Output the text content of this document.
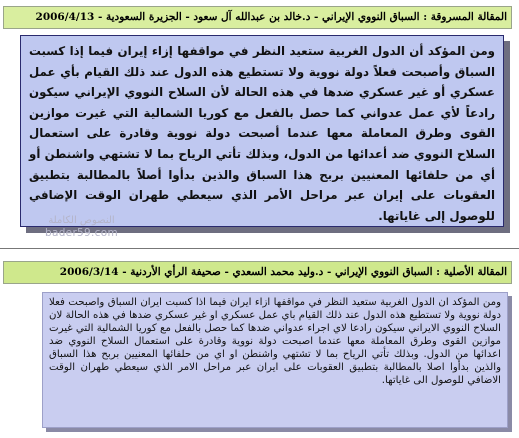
المقالة المسروقة : السباق النووي الإيراني - د.خالد بن عبدالله آل سعود - الجزيرة السعودية - 2006/4/13
ومن المؤكد أن الدول الغربية ستعيد النظر في مواقفها إزاء إيران فيما إذا كسبت السباق وأصبحت فعلاً دولة نووية ولا تستطيع هذه الدول عند ذلك القيام بأي عمل عسكري أو غير عسكري ضدها في هذه الحالة لأن السلاح النووي الإيراني سيكون رادعاً لأي عمل عدواني كما حصل بالفعل مع كوريا الشمالية التي غيرت موازين القوى وطرق المعاملة معها عندما أصبحت دولة نووية وقادرة على استعمال السلاح النووي ضد أعدائها من الدول، وبذلك تأتي الرياح بما لا تشتهي واشنطن أو أي من حلفائها المعنيين بربح هذا السباق والذين بدأوا أصلاً بالمطالبة بتطبيق العقوبات على إيران عبر مراحل الأمر الذي سيعطي طهران الوقت الإضافي للوصول إلى غاياتها.
النصوص الكاملة
bader59.com
المقالة الأصلية : السباق النووي الإيراني - د.وليد محمد السعدي - صحيفة الرأي الأردنية - 2006/3/14
ومن المؤكد ان الدول الغربية ستعيد النظر في مواقفها ازاء ايران فيما اذا كسبت ايران السباق واصبحت فعلا دولة نووية ولا تستطيع هذه الدول عند ذلك القيام باي عمل عسكري او غير عسكري ضدها في هذه الحالة لان السلاح النووي الايراني سيكون رادعا لاي اجراء عدواني ضدها كما حصل بالفعل مع كوريا الشمالية التي غيرت موازين القوى وطرق المعاملة معها عندما اصبحت دولة نووية وقادرة على استعمال السلاح النووي ضد اعدائها من الدول. وبذلك تأتي الرياح بما لا تشتهي واشنطن او اي من حلفائها المعنيين بربح هذا السباق والذين بدأوا اصلا بالمطالبة بتطبيق العقوبات على ايران عبر مراحل الامر الذي سيعطي طهران الوقت الاضافي للوصول الى غاياتها.
